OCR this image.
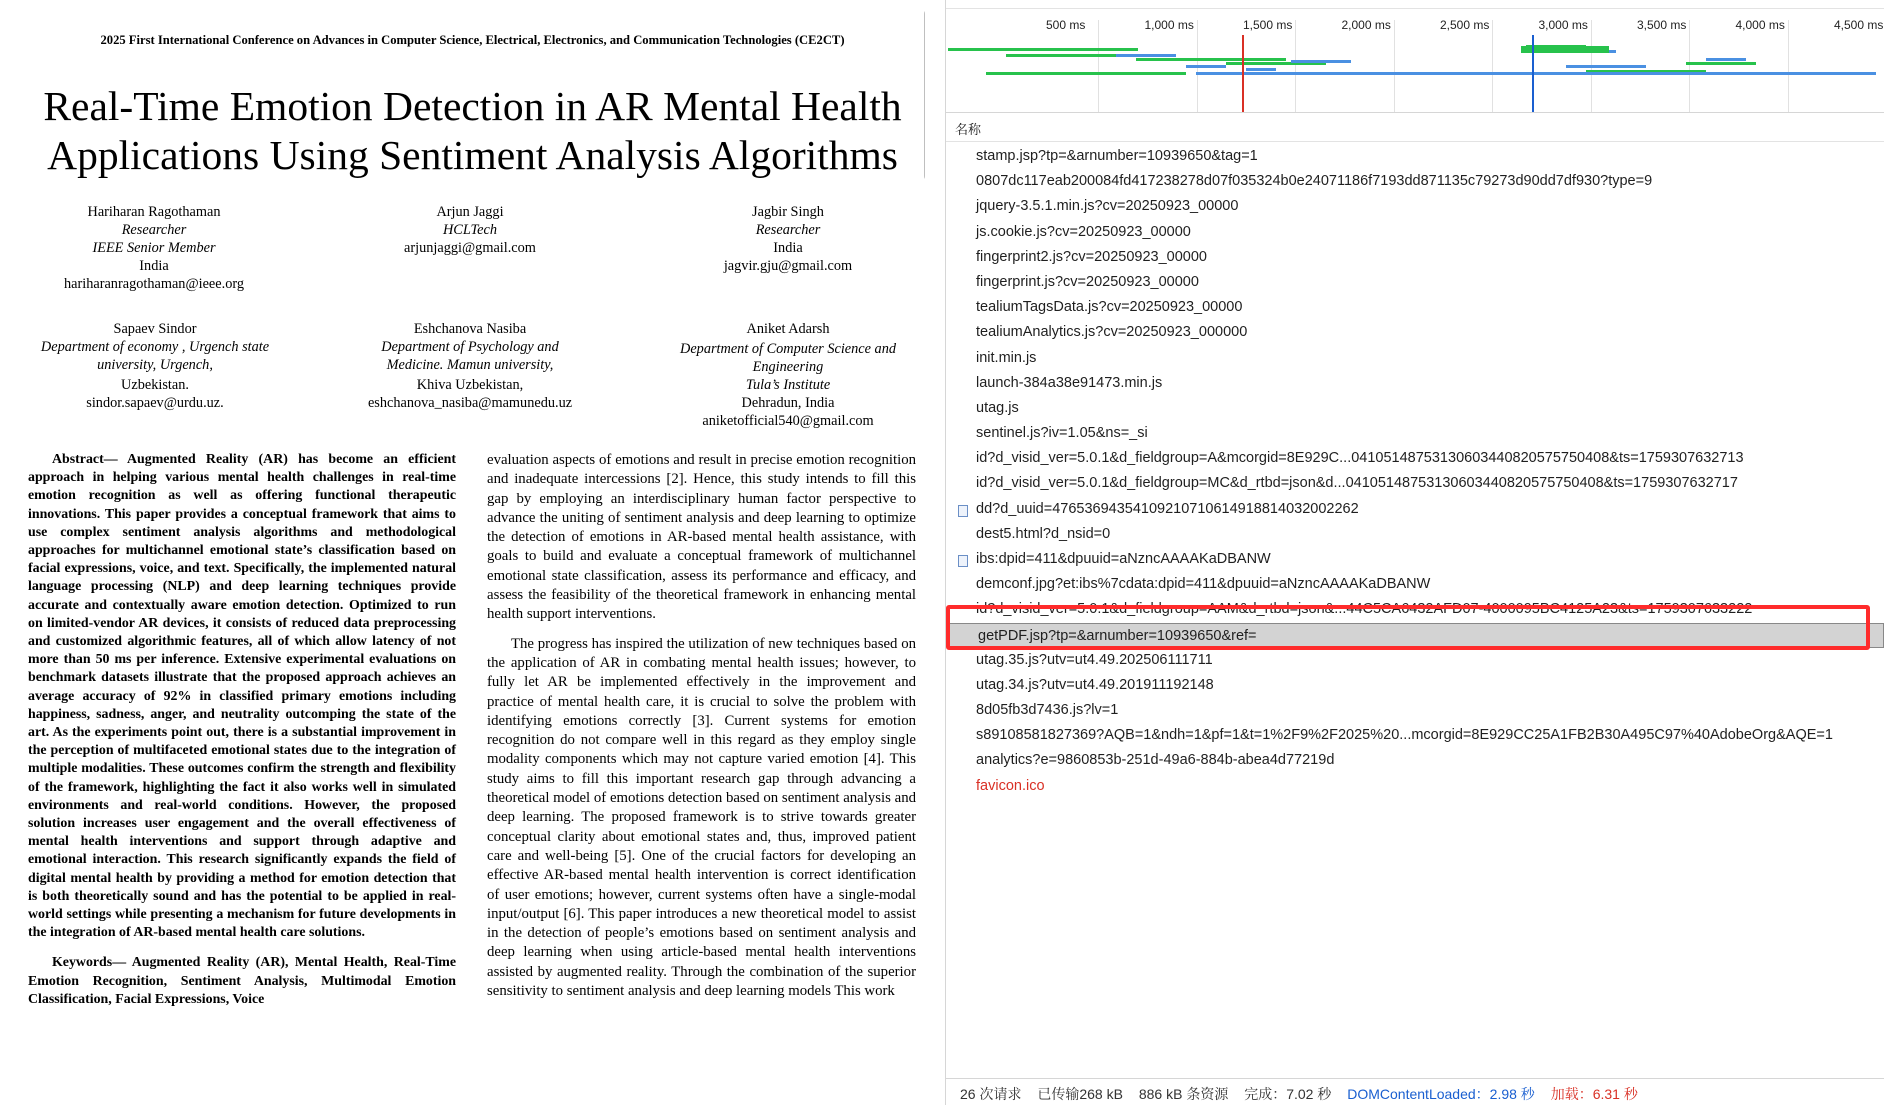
2025 First International Conference on Advances in Computer Science, Electrical, Electronics, and Communication Technologies (CE2CT)
Real-Time Emotion Detection in AR Mental Health
Applications Using Sentiment Analysis Algorithms
Hariharan Ragothaman
Researcher
IEEE Senior Member
India
hariharanragothaman@ieee.org
Arjun Jaggi
HCLTech
arjunjaggi@gmail.com
Jagbir Singh
Researcher
India
jagvir.gju@gmail.com
Sapaev Sindor
Department of economy , Urgench state
university, Urgench,
Uzbekistan.
sindor.sapaev@urdu.uz.
Eshchanova Nasiba
Department of Psychology and
Medicine. Mamun university,
Khiva Uzbekistan,
eshchanova_nasiba@mamunedu.uz
Aniket Adarsh
Department of Computer Science and
Engineering
Tula’s Institute
Dehradun, India
aniketofficial540@gmail.com

Abstract— Augmented Reality (AR) has become an efficient approach in helping various mental health challenges in real-time emotion recognition as well as offering functional therapeutic innovations. This paper provides a conceptual framework that aims to use complex sentiment analysis algorithms and methodological approaches for multichannel emotional state’s classification based on facial expressions, voice, and text. Specifically, the implemented natural language processing (NLP) and deep learning techniques provide accurate and contextually aware emotion detection. Optimized to run on limited-vendor AR devices, it consists of reduced data preprocessing and customized algorithmic features, all of which allow latency of not more than 50 ms per inference. Extensive experimental evaluations on benchmark datasets illustrate that the proposed approach achieves an average accuracy of 92% in classified primary emotions including happiness, sadness, anger, and neutrality outcomping the state of the art. As the experiments point out, there is a substantial improvement in the perception of multifaceted emotional states due to the integration of multiple modalities. These outcomes confirm the strength and flexibility of the framework, highlighting the fact it also works well in simulated environments and real-world conditions. However, the proposed solution increases user engagement and the overall effectiveness of mental health interventions and support through adaptive and emotional interaction. This research significantly expands the field of digital mental health by providing a method for emotion detection that is both theoretically sound and has the potential to be applied in real-world settings while presenting a mechanism for future developments in the integration of AR-based mental health care solutions.

Keywords— Augmented Reality (AR), Mental Health, Real-Time Emotion Recognition, Sentiment Analysis, Multimodal Emotion Classification, Facial Expressions, Voice

evaluation aspects of emotions and result in precise emotion recognition and inadequate intercessions [2]. Hence, this study intends to fill this gap by employing an interdisciplinary human factor perspective to advance the uniting of sentiment analysis and deep learning to optimize the detection of emotions in AR-based mental health assistance, with goals to build and evaluate a conceptual framework of multichannel emotional state classification, assess its performance and efficacy, and assess the feasibility of the theoretical framework in enhancing mental health support interventions.

The progress has inspired the utilization of new techniques based on the application of AR in combating mental health issues; however, to fully let AR be implemented effectively in the improvement and practice of mental health care, it is crucial to solve the problem with identifying emotions correctly [3]. Current systems for emotion recognition do not compare well in this regard as they employ single modality components which may not capture varied emotion [4]. This study aims to fill this important research gap through advancing a theoretical model of emotions detection based on sentiment analysis and deep learning. The proposed framework is to strive towards greater conceptual clarity about emotional states and, thus, improved patient care and well-being [5]. One of the crucial factors for developing an effective AR-based mental health intervention is correct identification of user emotions; however, current systems often have a single-modal input/output [6]. This paper introduces a new theoretical model to assist in the detection of people’s emotions based on sentiment analysis and deep learning when using article-based mental health interventions assisted by augmented reality. Through the combination of the superior sensitivity to sentiment analysis and deep learning models This work

500 ms	1,000 ms	1,500 ms	2,000 ms	2,500 ms	3,000 ms	3,500 ms	4,000 ms	4,500 ms
名称
stamp.jsp?tp=&arnumber=10939650&tag=1
0807dc117eab200084fd417238278d07f035324b0e24071186f7193dd871135c79273d90dd7df930?type=9
jquery-3.5.1.min.js?cv=20250923_00000
js.cookie.js?cv=20250923_00000
fingerprint2.js?cv=20250923_00000
fingerprint.js?cv=20250923_00000
tealiumTagsData.js?cv=20250923_00000
tealiumAnalytics.js?cv=20250923_000000
init.min.js
launch-384a38e91473.min.js
utag.js
sentinel.js?iv=1.05&ns=_si
id?d_visid_ver=5.0.1&d_fieldgroup=A&mcorgid=8E929C...041051487531306034408205757504​08&ts=1759307632713
id?d_visid_ver=5.0.1&d_fieldgroup=MC&d_rtbd=json&d...041051487531306034408205757504​08&ts=1759307632717
dd?d_uuid=47653694354109210710614918814032002262
dest5.html?d_nsid=0
ibs:dpid=411&dpuuid=aNzncAAAAKaDBANW
demconf.jpg?et:ibs%7cdata:dpid=411&dpuuid=aNzncAAAAKaDBANW
id?d_visid_ver=5.0.1&d_fieldgroup=AAM&d_rtbd=json&...44C5CA6432AFD07-4000095BC4125A23&ts=1759307633222
getPDF.jsp?tp=&arnumber=10939650&ref=
utag.35.js?utv=ut4.49.202506111711
utag.34.js?utv=ut4.49.201911192148
8d05fb3d7436.js?lv=1
s89108581827369?AQB=1&ndh=1&pf=1&t=1%2F9%2F2025%20...mcorgid=8E929CC25A1FB2B30A495C97%40AdobeOrg&AQE=1
analytics?e=9860853b-251d-49a6-884b-abea4d77219d
favicon.ico
26 次请求 已传输268 kB 886 kB 条资源 完成：7.02 秒 DOMContentLoaded：2.98 秒 加载：6.31 秒
